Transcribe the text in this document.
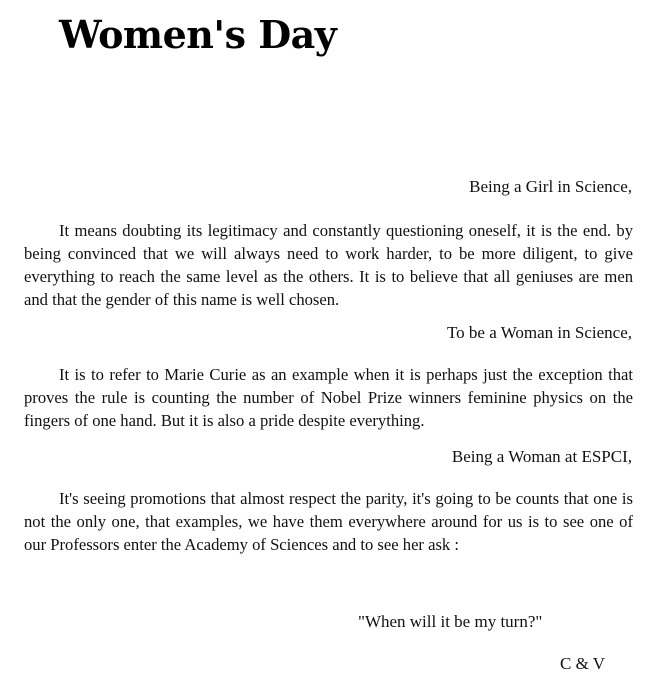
Women's Day
Being a Girl in Science,

It means doubting its legitimacy and constantly questioning oneself, it is the end. by being convinced that we will always need to work harder, to be more diligent, to give everything to reach the same level as the others. It is to believe that all geniuses are men and that the gender of this name is well chosen.

To be a Woman in Science,

It is to refer to Marie Curie as an example when it is perhaps just the exception that proves the rule is counting the number of Nobel Prize winners feminine physics on the fingers of one hand. But it is also a pride despite everything.

Being a Woman at ESPCI,

It's seeing promotions that almost respect the parity, it's going to be counts that one is not the only one, that examples, we have them everywhere around for us is to see one of our Professors enter the Academy of Sciences and to see her ask :

"When will it be my turn?"
C & V
